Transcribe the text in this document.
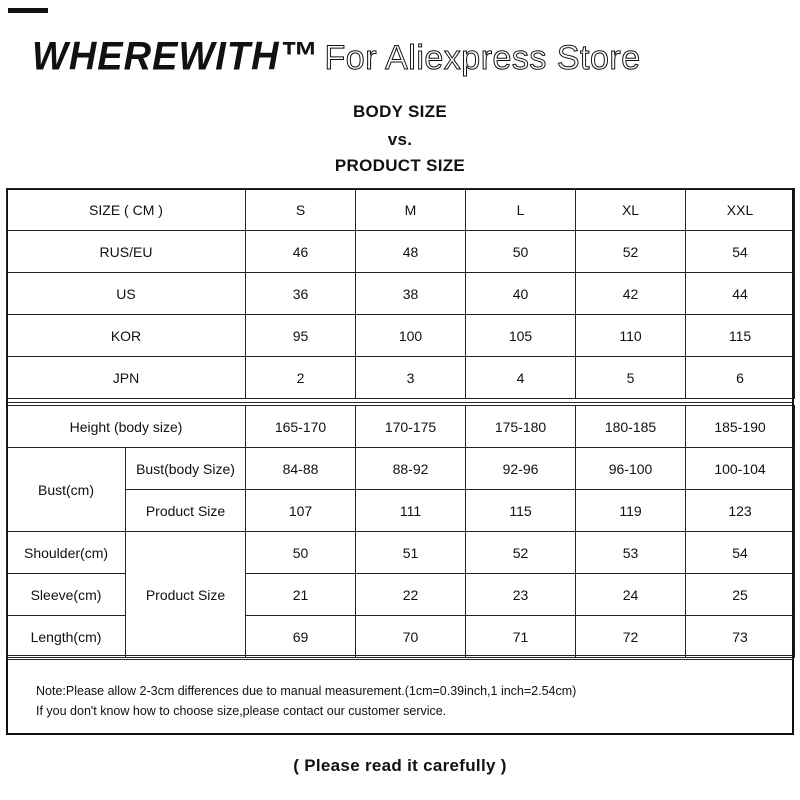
WHEREWITH™ For Aliexpress Store
BODY SIZE
vs.
PRODUCT SIZE
SIZE ( CM )	S	M	L	XL	XXL
RUS/EU	46	48	50	52	54
US	36	38	40	42	44
KOR	95	100	105	110	115
JPN	2	3	4	5	6
Height (body size)		165-170	170-175	175-180	180-185	185-190
Bust(cm)	Bust(body Size)	84-88	88-92	92-96	96-100	100-104
	Product Size	107	111	115	119	123
Shoulder(cm)	Product Size	50	51	52	53	54
Sleeve(cm)		21	22	23	24	25
Length(cm)		69	70	71	72	73
Note:Please allow 2-3cm differences due to manual measurement.(1cm=0.39inch,1 inch=2.54cm)
If you don't know how to choose size,please contact our customer service.
( Please read it carefully )
